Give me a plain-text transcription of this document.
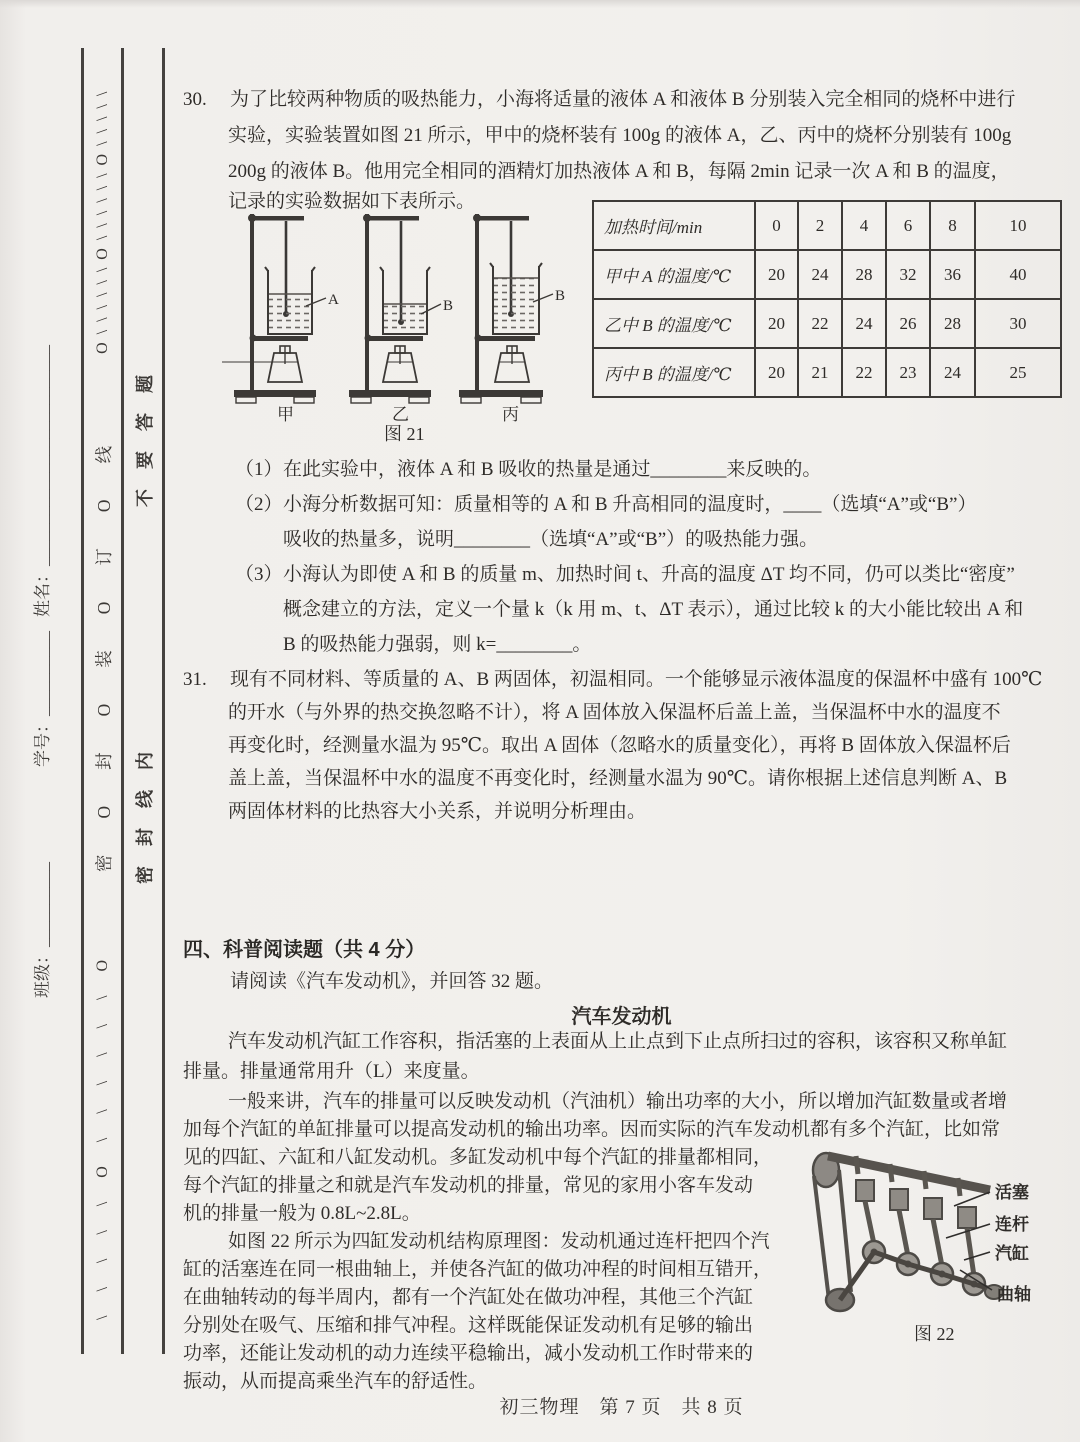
班级：__________
学号：__________
姓名：__________________________
\\\\\O\\\\\\O
密O封O装O订O线
O\\\\\\O\\\\\\O\\\\\
密封线内
不要答题
30. 为了比较两种物质的吸热能力，小海将适量的液体 A 和液体 B 分别装入完全相同的烧杯中进行
实验，实验装置如图 21 所示，甲中的烧杯装有 100g 的液体 A，乙、丙中的烧杯分别装有 100g
200g 的液体 B。他用完全相同的酒精灯加热液体 A 和 B，每隔 2min 记录一次 A 和 B 的温度，
记录的实验数据如下表所示。
A
甲
B
乙
B
丙
图 21
加热时间/min	0	2	4	6	8	10
甲中 A 的温度/℃	20	24	28	32	36	40
乙中 B 的温度/℃	20	22	24	26	28	30
丙中 B 的温度/℃	20	21	22	23	24	25
（1）在此实验中，液体 A 和 B 吸收的热量是通过________来反映的。
（2）小海分析数据可知：质量相等的 A 和 B 升高相同的温度时，____（选填“A”或“B”）
吸收的热量多，说明________（选填“A”或“B”）的吸热能力强。
（3）小海认为即使 A 和 B 的质量 m、加热时间 t、升高的温度 ΔT 均不同，仍可以类比“密度”
概念建立的方法，定义一个量 k（k 用 m、t、ΔT 表示），通过比较 k 的大小能比较出 A 和
B 的吸热能力强弱，则 k=________。
31. 现有不同材料、等质量的 A、B 两固体，初温相同。一个能够显示液体温度的保温杯中盛有 100℃
的开水（与外界的热交换忽略不计），将 A 固体放入保温杯后盖上盖，当保温杯中水的温度不
再变化时，经测量水温为 95℃。取出 A 固体（忽略水的质量变化），再将 B 固体放入保温杯后
盖上盖，当保温杯中水的温度不再变化时，经测量水温为 90℃。请你根据上述信息判断 A、B
两固体材料的比热容大小关系，并说明分析理由。
四、科普阅读题（共 4 分）
请阅读《汽车发动机》，并回答 32 题。
汽车发动机
汽车发动机汽缸工作容积，指活塞的上表面从上止点到下止点所扫过的容积，该容积又称单缸
排量。排量通常用升（L）来度量。
一般来讲，汽车的排量可以反映发动机（汽油机）输出功率的大小，所以增加汽缸数量或者增
加每个汽缸的单缸排量可以提高发动机的输出功率。因而实际的汽车发动机都有多个汽缸，比如常
见的四缸、六缸和八缸发动机。多缸发动机中每个汽缸的排量都相同，
每个汽缸的排量之和就是汽车发动机的排量，常见的家用小客车发动
机的排量一般为 0.8L~2.8L。
如图 22 所示为四缸发动机结构原理图：发动机通过连杆把四个汽
缸的活塞连在同一根曲轴上，并使各汽缸的做功冲程的时间相互错开，
在曲轴转动的每半周内，都有一个汽缸处在做功冲程，其他三个汽缸
分别处在吸气、压缩和排气冲程。这样既能保证发动机有足够的输出
功率，还能让发动机的动力连续平稳输出，减小发动机工作时带来的
振动，从而提高乘坐汽车的舒适性。
活塞
连杆
汽缸
曲轴
图 22
初三物理　第 7 页　共 8 页
